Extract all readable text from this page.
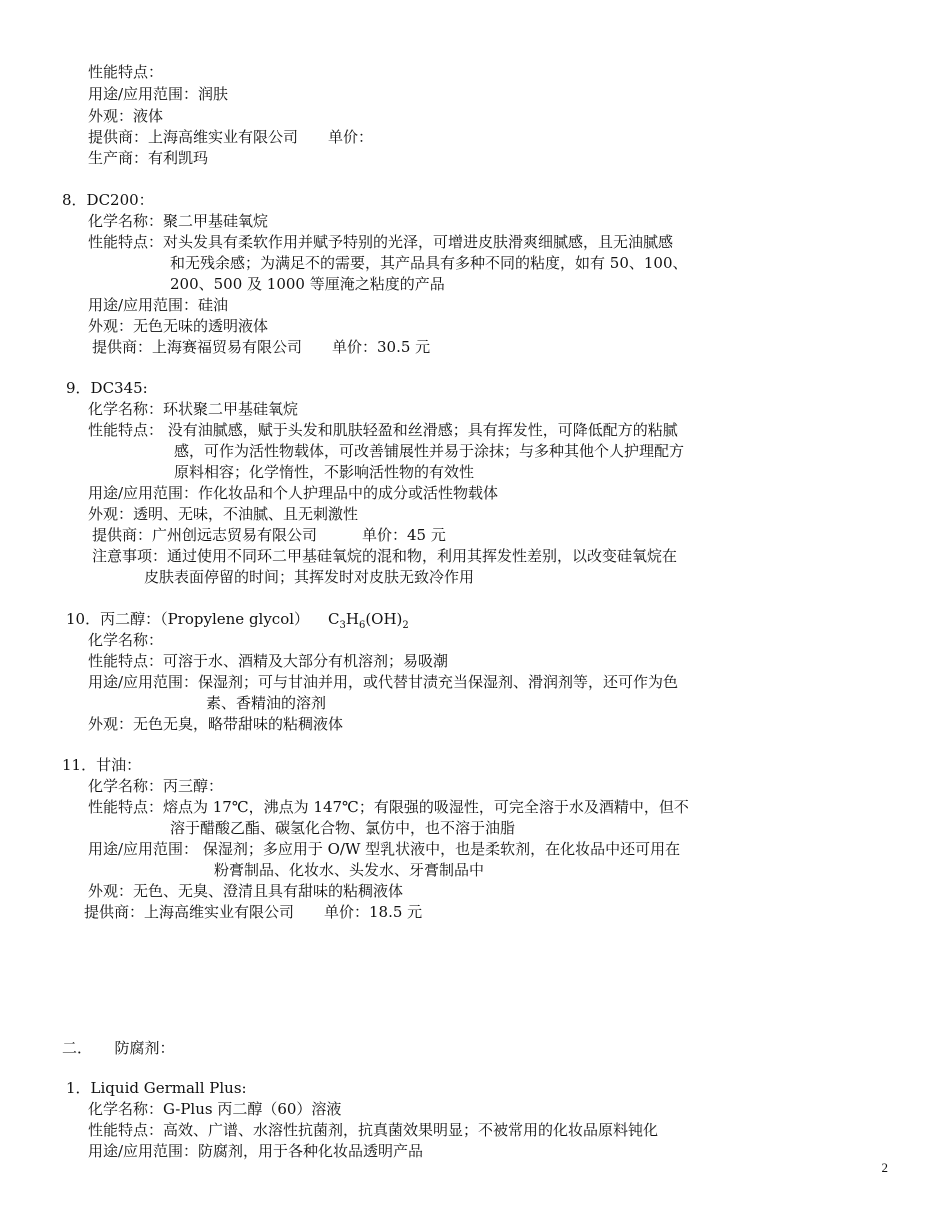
性能特点：
用途/应用范围：润肤
外观：液体
提供商：上海高维实业有限公司　　单价：
生产商：有利凯玛
8．DC200：
化学名称：聚二甲基硅氧烷
性能特点：对头发具有柔软作用并赋予特别的光泽，可增进皮肤滑爽细腻感，且无油腻感
和无残余感；为满足不的需要，其产品具有多种不同的粘度，如有 50、100、
200、500 及 1000 等厘淹之粘度的产品
用途/应用范围：硅油
外观：无色无味的透明液体
提供商：上海赛福贸易有限公司　　单价：30.5 元
9．DC345:
化学名称：环状聚二甲基硅氧烷
性能特点： 没有油腻感，赋于头发和肌肤轻盈和丝滑感；具有挥发性，可降低配方的粘腻
感，可作为活性物载体，可改善铺展性并易于涂抹；与多种其他个人护理配方
原料相容；化学惰性，不影响活性物的有效性
用途/应用范围：作化妆品和个人护理品中的成分或活性物载体
外观：透明、无味，不油腻、且无刺激性
提供商：广州创远志贸易有限公司　　　单价：45 元
注意事项：通过使用不同环二甲基硅氧烷的混和物，利用其挥发性差别，以改变硅氧烷在
皮肤表面停留的时间；其挥发时对皮肤无致冷作用
10．丙二醇：（Propylene glycol） $C_3H_6(OH)_2$
化学名称：
性能特点：可溶于水、酒精及大部分有机溶剂；易吸潮
用途/应用范围：保湿剂；可与甘油并用，或代替甘渍充当保湿剂、滑润剂等，还可作为色
素、香精油的溶剂
外观：无色无臭，略带甜味的粘稠液体
11．甘油：
化学名称：丙三醇：
性能特点：熔点为 17℃，沸点为 147℃；有限强的吸湿性，可完全溶于水及酒精中，但不
溶于醋酸乙酯、碳氢化合物、氯仿中，也不溶于油脂
用途/应用范围： 保湿剂；多应用于 O/W 型乳状液中，也是柔软剂，在化妆品中还可用在
粉膏制品、化妆水、头发水、牙膏制品中
外观：无色、无臭、澄清且具有甜味的粘稠液体
提供商：上海高维实业有限公司　　单价：18.5 元
二．　　防腐剂：
1．Liquid Germall Plus:
化学名称：G-Plus 丙二醇（60）溶液
性能特点：高效、广谱、水溶性抗菌剂，抗真菌效果明显；不被常用的化妆品原料钝化
用途/应用范围：防腐剂，用于各种化妆品透明产品
2
